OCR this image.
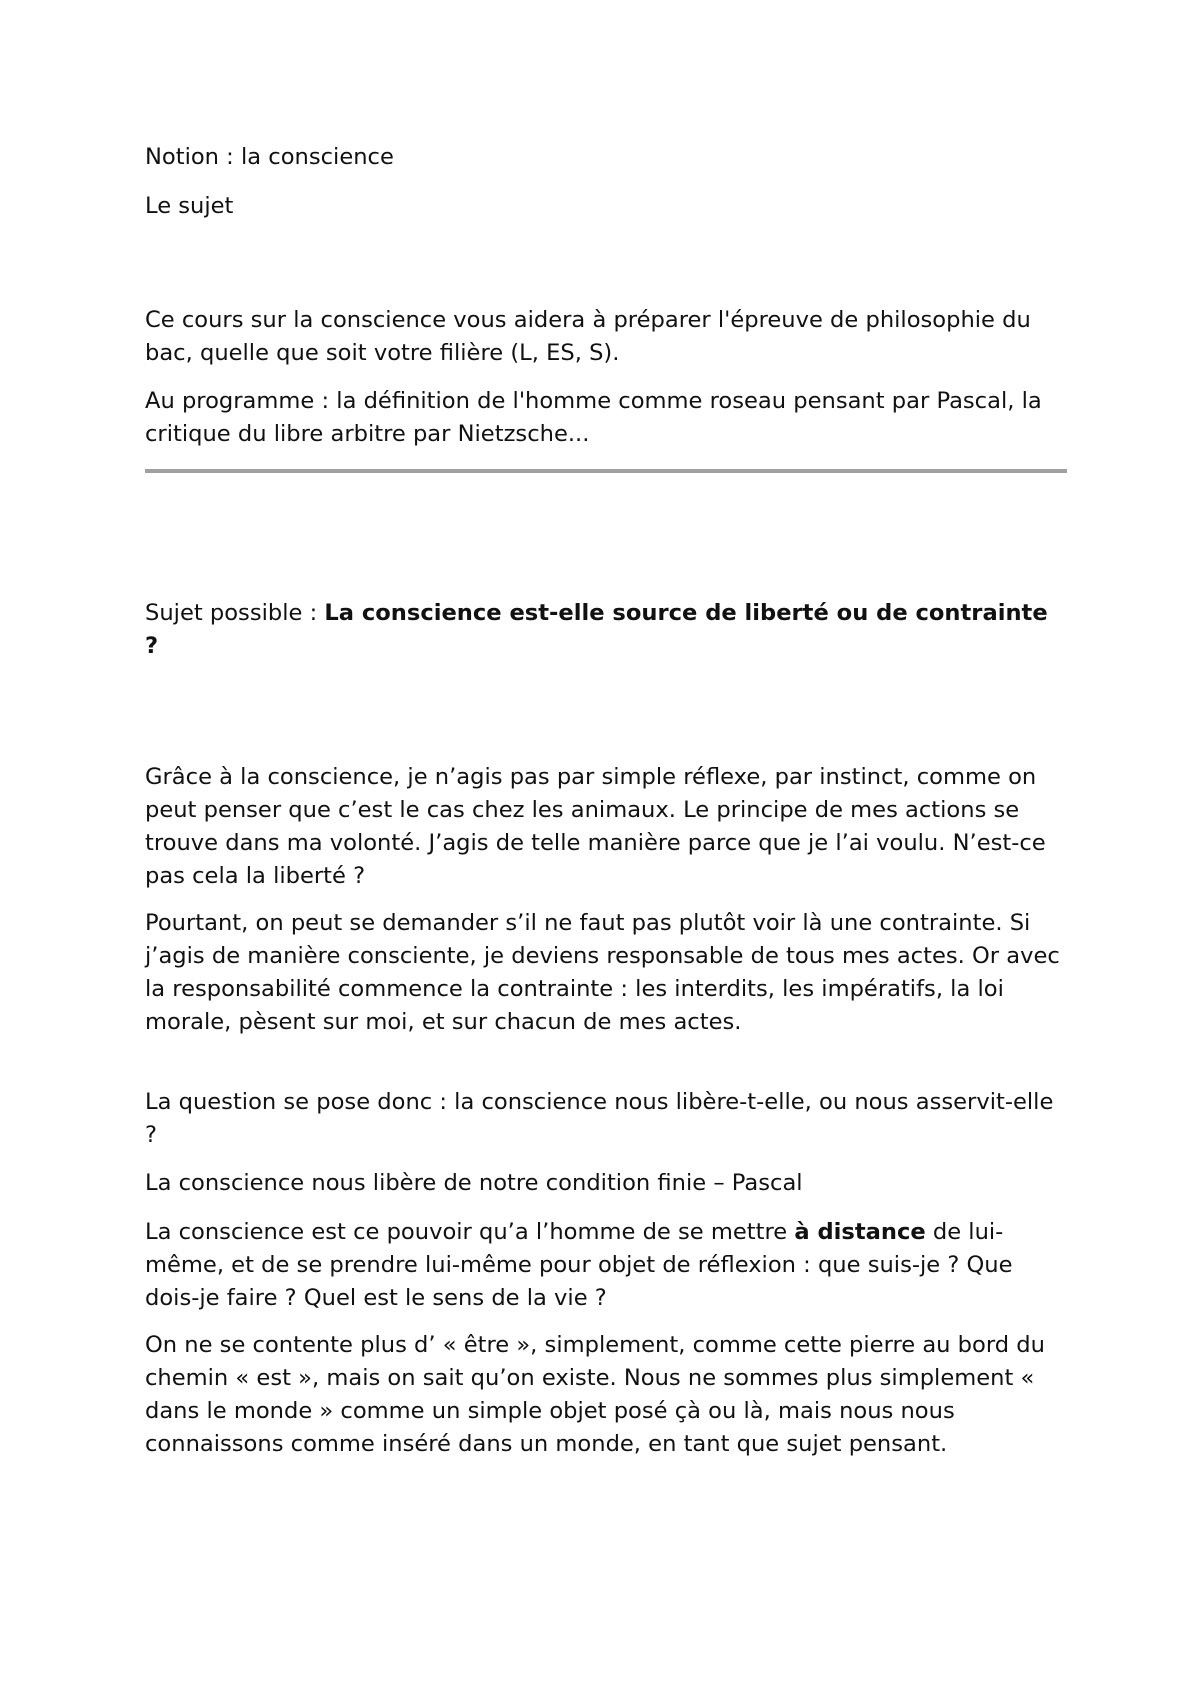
Notion : la conscience

Le sujet

Ce cours sur la conscience vous aidera à préparer l'épreuve de philosophie du bac, quelle que soit votre filière (L, ES, S).

Au programme : la définition de l'homme comme roseau pensant par Pascal, la critique du libre arbitre par Nietzsche...

Sujet possible : La conscience est-elle source de liberté ou de contrainte ?

Grâce à la conscience, je n’agis pas par simple réflexe, par instinct, comme on peut penser que c’est le cas chez les animaux. Le principe de mes actions se trouve dans ma volonté. J’agis de telle manière parce que je l’ai voulu. N’est-ce pas cela la liberté ?

Pourtant, on peut se demander s’il ne faut pas plutôt voir là une contrainte. Si j’agis de manière consciente, je deviens responsable de tous mes actes. Or avec la responsabilité commence la contrainte : les interdits, les impératifs, la loi morale, pèsent sur moi, et sur chacun de mes actes.

La question se pose donc : la conscience nous libère-t-elle, ou nous asservit-elle ?

La conscience nous libère de notre condition finie – Pascal

La conscience est ce pouvoir qu’a l’homme de se mettre à distance de lui-même, et de se prendre lui-même pour objet de réflexion : que suis-je ? Que dois-je faire ? Quel est le sens de la vie ?

On ne se contente plus d’ « être », simplement, comme cette pierre au bord du chemin « est », mais on sait qu’on existe. Nous ne sommes plus simplement « dans le monde » comme un simple objet posé çà ou là, mais nous nous connaissons comme inséré dans un monde, en tant que sujet pensant.
